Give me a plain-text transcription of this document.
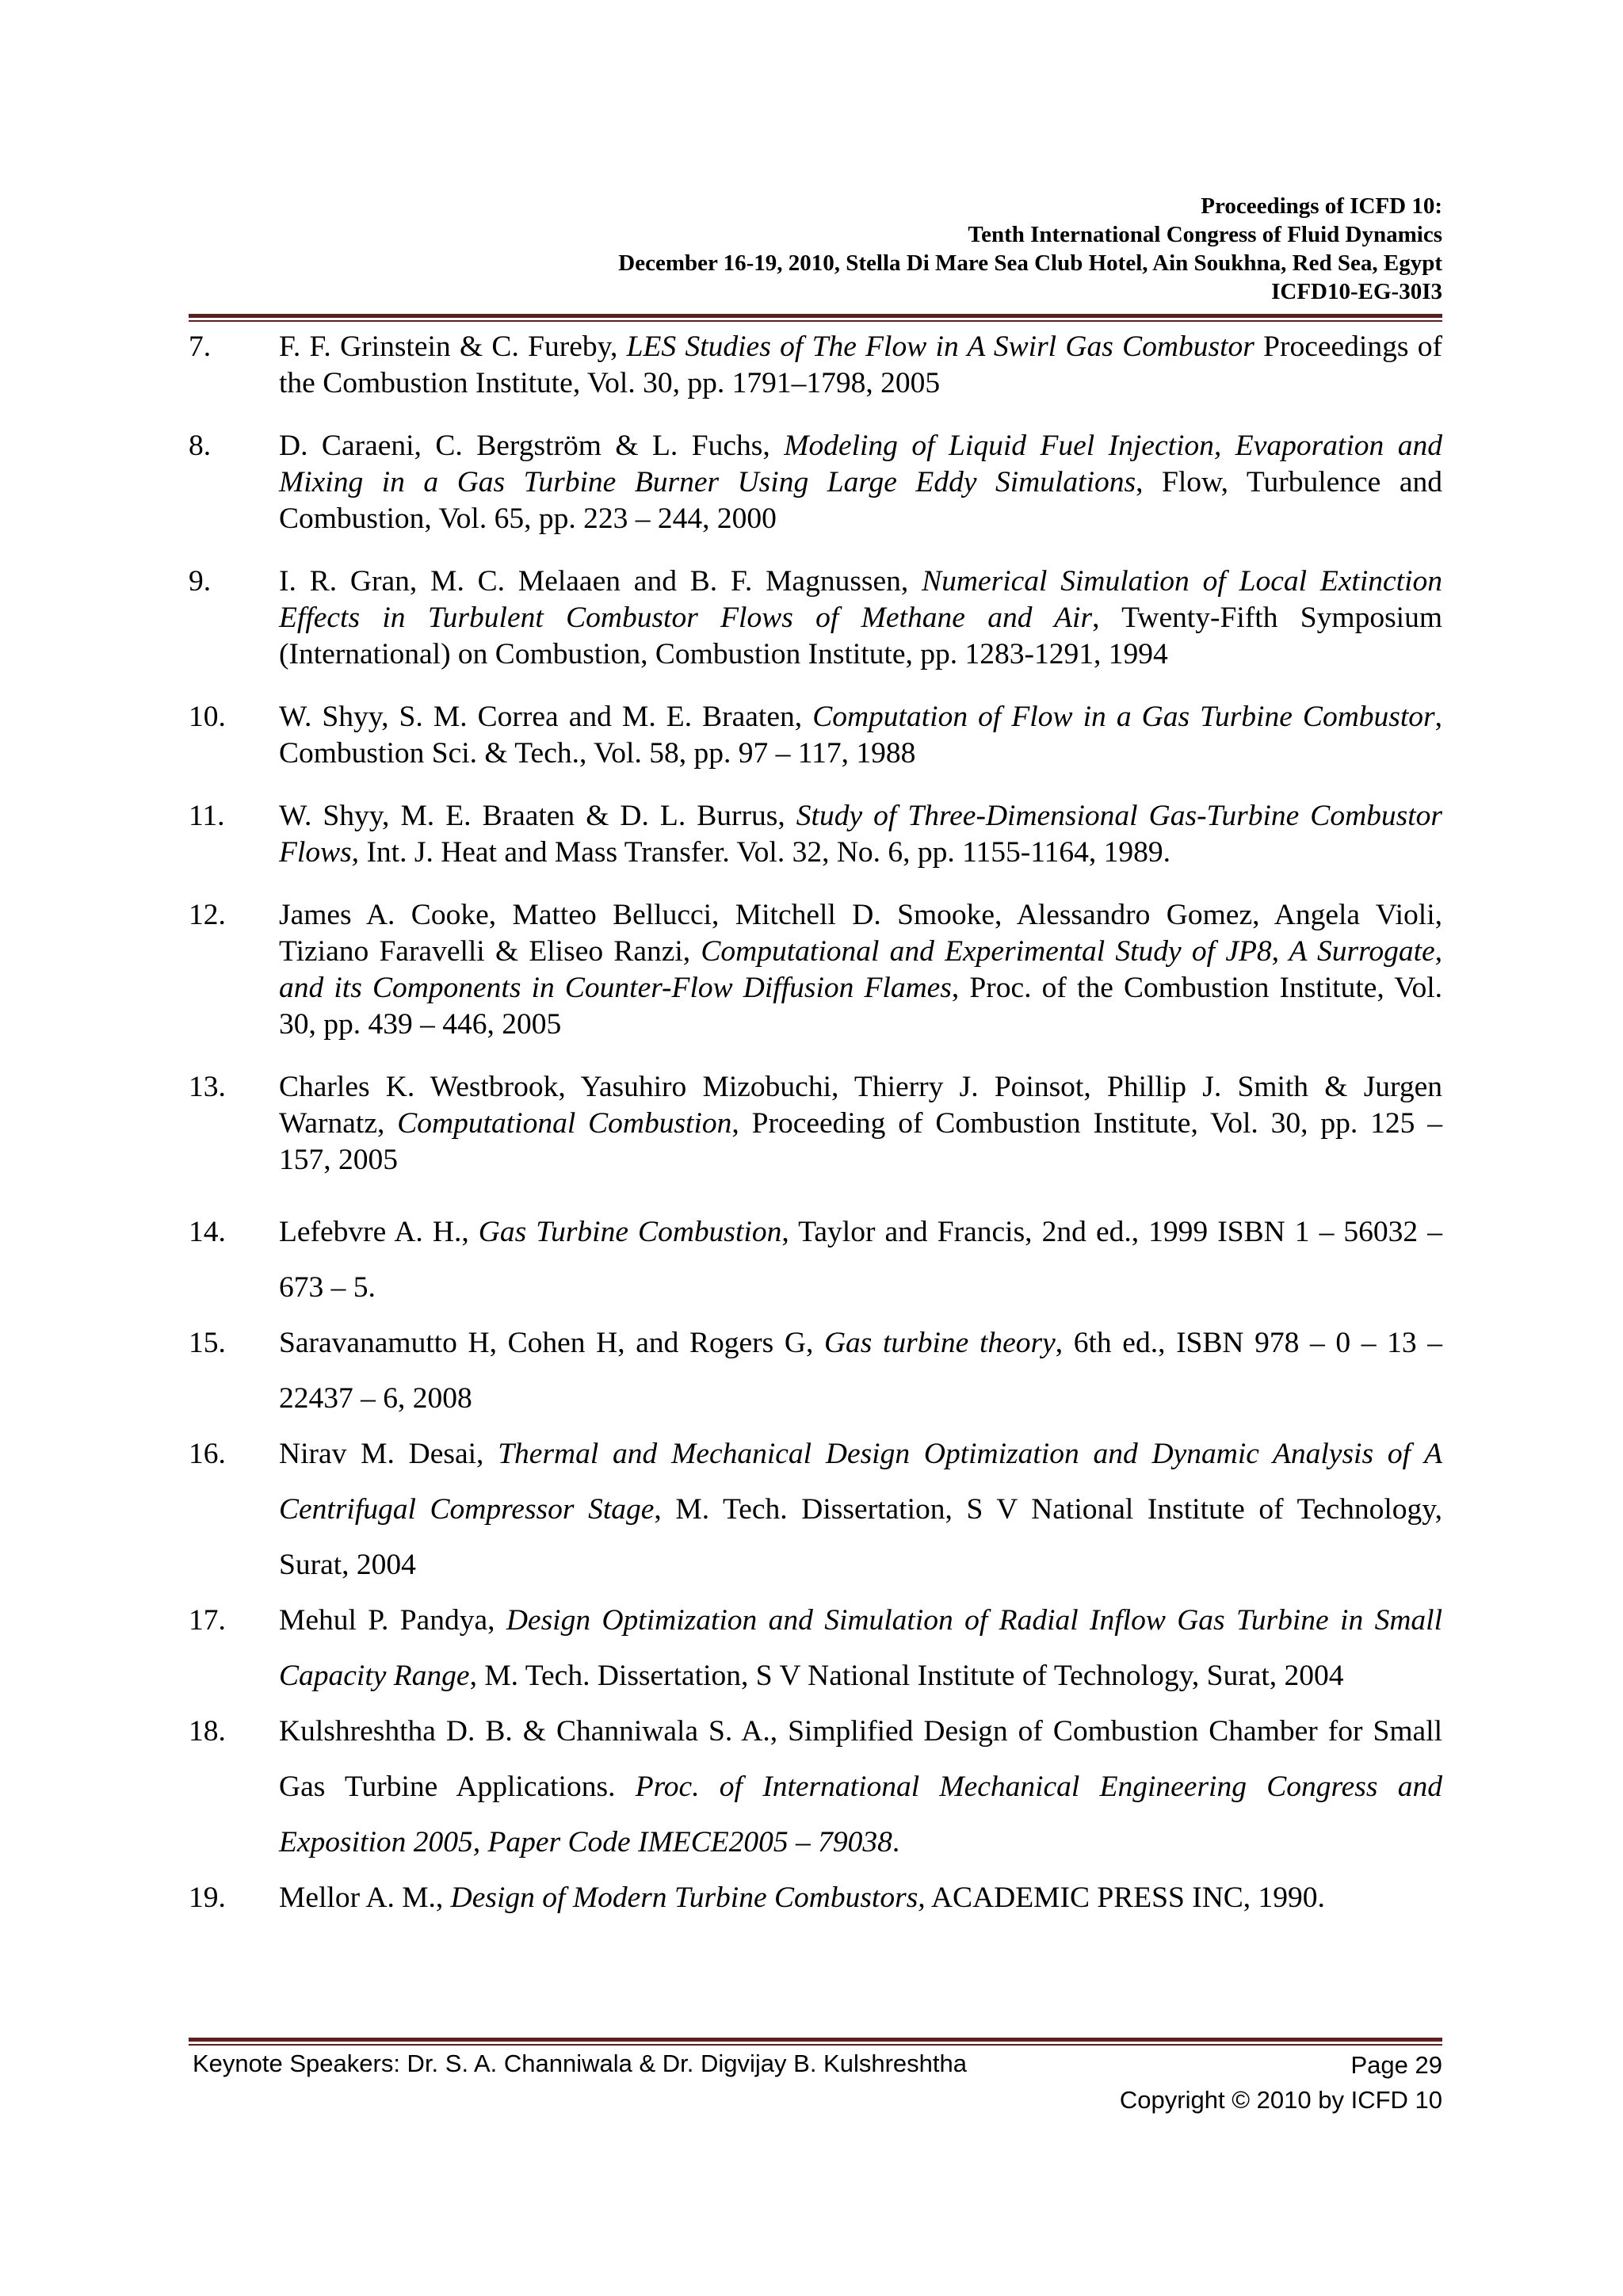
Proceedings of ICFD 10:
Tenth International Congress of Fluid Dynamics
December 16-19, 2010, Stella Di Mare Sea Club Hotel, Ain Soukhna, Red Sea, Egypt
ICFD10-EG-30I3
7. F. F. Grinstein & C. Fureby, LES Studies of The Flow in A Swirl Gas Combustor Proceedings of the Combustion Institute, Vol. 30, pp. 1791–1798, 2005
8. D. Caraeni, C. Bergström & L. Fuchs, Modeling of Liquid Fuel Injection, Evaporation and Mixing in a Gas Turbine Burner Using Large Eddy Simulations, Flow, Turbulence and Combustion, Vol. 65, pp. 223 – 244, 2000
9. I. R. Gran, M. C. Melaaen and B. F. Magnussen, Numerical Simulation of Local Extinction Effects in Turbulent Combustor Flows of Methane and Air, Twenty-Fifth Symposium (International) on Combustion, Combustion Institute, pp. 1283-1291, 1994
10. W. Shyy, S. M. Correa and M. E. Braaten, Computation of Flow in a Gas Turbine Combustor, Combustion Sci. & Tech., Vol. 58, pp. 97 – 117, 1988
11. W. Shyy, M. E. Braaten & D. L. Burrus, Study of Three-Dimensional Gas-Turbine Combustor Flows, Int. J. Heat and Mass Transfer. Vol. 32, No. 6, pp. 1155-1164, 1989.
12. James A. Cooke, Matteo Bellucci, Mitchell D. Smooke, Alessandro Gomez, Angela Violi, Tiziano Faravelli & Eliseo Ranzi, Computational and Experimental Study of JP8, A Surrogate, and its Components in Counter-Flow Diffusion Flames, Proc. of the Combustion Institute, Vol. 30, pp. 439 – 446, 2005
13. Charles K. Westbrook, Yasuhiro Mizobuchi, Thierry J. Poinsot, Phillip J. Smith & Jurgen Warnatz, Computational Combustion, Proceeding of Combustion Institute, Vol. 30, pp. 125 – 157, 2005
14. Lefebvre A. H., Gas Turbine Combustion, Taylor and Francis, 2nd ed., 1999 ISBN 1 – 56032 – 673 – 5.
15. Saravanamutto H, Cohen H, and Rogers G, Gas turbine theory, 6th ed., ISBN 978 – 0 – 13 – 22437 – 6, 2008
16. Nirav M. Desai, Thermal and Mechanical Design Optimization and Dynamic Analysis of A Centrifugal Compressor Stage, M. Tech. Dissertation, S V National Institute of Technology, Surat, 2004
17. Mehul P. Pandya, Design Optimization and Simulation of Radial Inflow Gas Turbine in Small Capacity Range, M. Tech. Dissertation, S V National Institute of Technology, Surat, 2004
18. Kulshreshtha D. B. & Channiwala S. A., Simplified Design of Combustion Chamber for Small Gas Turbine Applications. Proc. of International Mechanical Engineering Congress and Exposition 2005, Paper Code IMECE2005 – 79038.
19. Mellor A. M., Design of Modern Turbine Combustors, ACADEMIC PRESS INC, 1990.
Keynote Speakers: Dr. S. A. Channiwala & Dr. Digvijay B. Kulshreshtha	Page 29
Copyright © 2010 by ICFD 10
